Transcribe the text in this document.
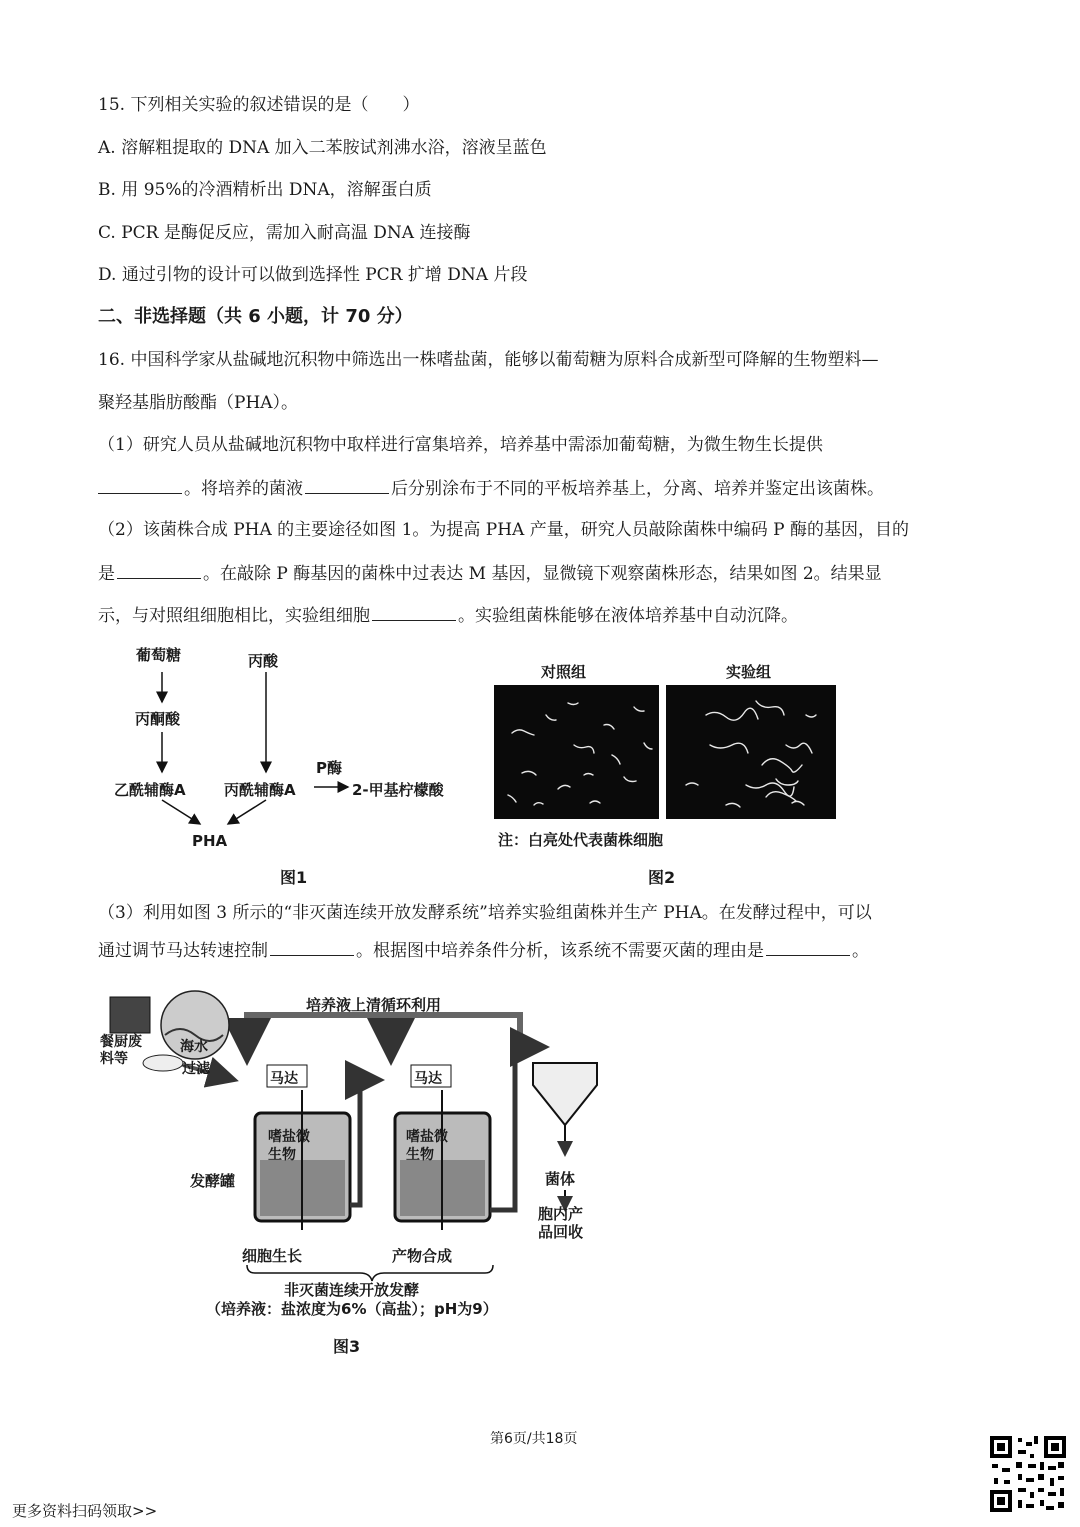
15. 下列相关实验的叙述错误的是（　　）
A. 溶解粗提取的 DNA 加入二苯胺试剂沸水浴，溶液呈蓝色
B. 用 95%的冷酒精析出 DNA，溶解蛋白质
C. PCR 是酶促反应，需加入耐高温 DNA 连接酶
D. 通过引物的设计可以做到选择性 PCR 扩增 DNA 片段
二、非选择题（共 6 小题，计 70 分）
16. 中国科学家从盐碱地沉积物中筛选出一株嗜盐菌，能够以葡萄糖为原料合成新型可降解的生物塑料—
聚羟基脂肪酸酯（PHA）。
（1）研究人员从盐碱地沉积物中取样进行富集培养，培养基中需添加葡萄糖，为微生物生长提供
。将培养的菌液	后分别涂布于不同的平板培养基上，分离、培养并鉴定出该菌株。
（2）该菌株合成 PHA 的主要途径如图 1。为提高 PHA 产量，研究人员敲除菌株中编码 P 酶的基因，目的
是	。在敲除 P 酶基因的菌株中过表达 M 基因，显微镜下观察菌株形态，结果如图 2。结果显
示，与对照组细胞相比，实验组细胞	。实验组菌株能够在液体培养基中自动沉降。
葡萄糖
丙酮酸
丙酸
乙酰辅酶A	丙酰辅酶A
P酶
2-甲基柠檬酸
PHA
图1
对照组	实验组
注：白亮处代表菌株细胞
图2
（3）利用如图 3 所示的“非灭菌连续开放发酵系统”培养实验组菌株并生产 PHA。在发酵过程中，可以
通过调节马达转速控制	。根据图中培养条件分析，该系统不需要灭菌的理由是	。
培养液上清循环利用
餐厨废料等
海水
过滤
马达	马达
嗜盐微生物
嗜盐微生物
发酵罐	菌体
胞内产品回收
细胞生长	产物合成
非灭菌连续开放发酵
（培养液：盐浓度为6%（高盐）；pH为9）
图3
第6页/共18页
更多资料扫码领取>>
